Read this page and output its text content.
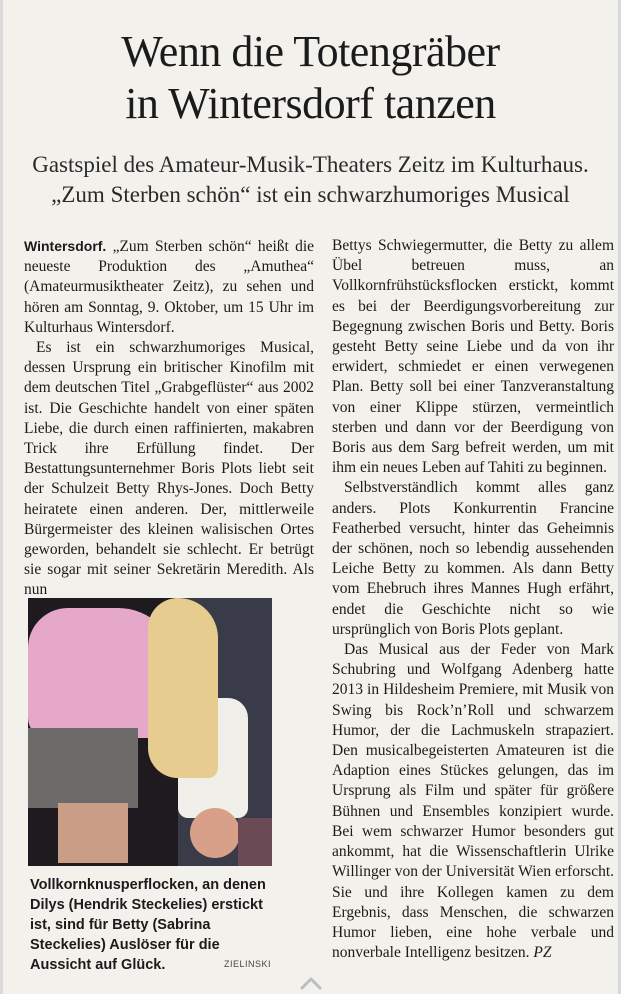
Wenn die Totengräber
in Wintersdorf tanzen
Gastspiel des Amateur-Musik-Theaters Zeitz im Kulturhaus.
„Zum Sterben schön“ ist ein schwarzhumoriges Musical

Wintersdorf. „Zum Sterben schön“ heißt die neueste Produktion des „Amuthea“ (Amateurmusiktheater Zeitz), zu sehen und hören am Sonntag, 9. Oktober, um 15 Uhr im Kulturhaus Wintersdorf.

Es ist ein schwarzhumoriges Musical, dessen Ursprung ein britischer Kinofilm mit dem deutschen Titel „Grabgeflüster“ aus 2002 ist. Die Geschichte handelt von einer späten Liebe, die durch einen raffinierten, makabren Trick ihre Erfüllung findet. Der Bestattungsunternehmer Boris Plots liebt seit der Schulzeit Betty Rhys-Jones. Doch Betty heiratete einen anderen. Der, mittlerweile Bürgermeister des kleinen walisischen Ortes geworden, behandelt sie schlecht. Er betrügt sie sogar mit seiner Sekretärin Meredith. Als nun

Vollkornknusperflocken, an denen Dilys (Hendrik Steckelies) erstickt ist, sind für Betty (Sabrina Steckelies) Auslöser für die Aussicht auf Glück.	ZIELINSKI

Bettys Schwiegermutter, die Betty zu allem Übel betreuen muss, an Vollkornfrühstücksflocken erstickt, kommt es bei der Beerdigungsvorbereitung zur Begegnung zwischen Boris und Betty. Boris gesteht Betty seine Liebe und da von ihr erwidert, schmiedet er einen verwegenen Plan. Betty soll bei einer Tanzveranstaltung von einer Klippe stürzen, vermeintlich sterben und dann vor der Beerdigung von Boris aus dem Sarg befreit werden, um mit ihm ein neues Leben auf Tahiti zu beginnen.

Selbstverständlich kommt alles ganz anders. Plots Konkurrentin Francine Featherbed versucht, hinter das Geheimnis der schönen, noch so lebendig aussehenden Leiche Betty zu kommen. Als dann Betty vom Ehebruch ihres Mannes Hugh erfährt, endet die Geschichte nicht so wie ursprünglich von Boris Plots geplant.

Das Musical aus der Feder von Mark Schubring und Wolfgang Adenberg hatte 2013 in Hildesheim Premiere, mit Musik von Swing bis Rock’n’Roll und schwarzem Humor, der die Lachmuskeln strapaziert. Den musicalbegeisterten Amateuren ist die Adaption eines Stückes gelungen, das im Ursprung als Film und später für größere Bühnen und Ensembles konzipiert wurde. Bei wem schwarzer Humor besonders gut ankommt, hat die Wissenschaftlerin Ulrike Willinger von der Universität Wien erforscht. Sie und ihre Kollegen kamen zu dem Ergebnis, dass Menschen, die schwarzen Humor lieben, eine hohe verbale und nonverbale Intelligenz besitzen. PZ
